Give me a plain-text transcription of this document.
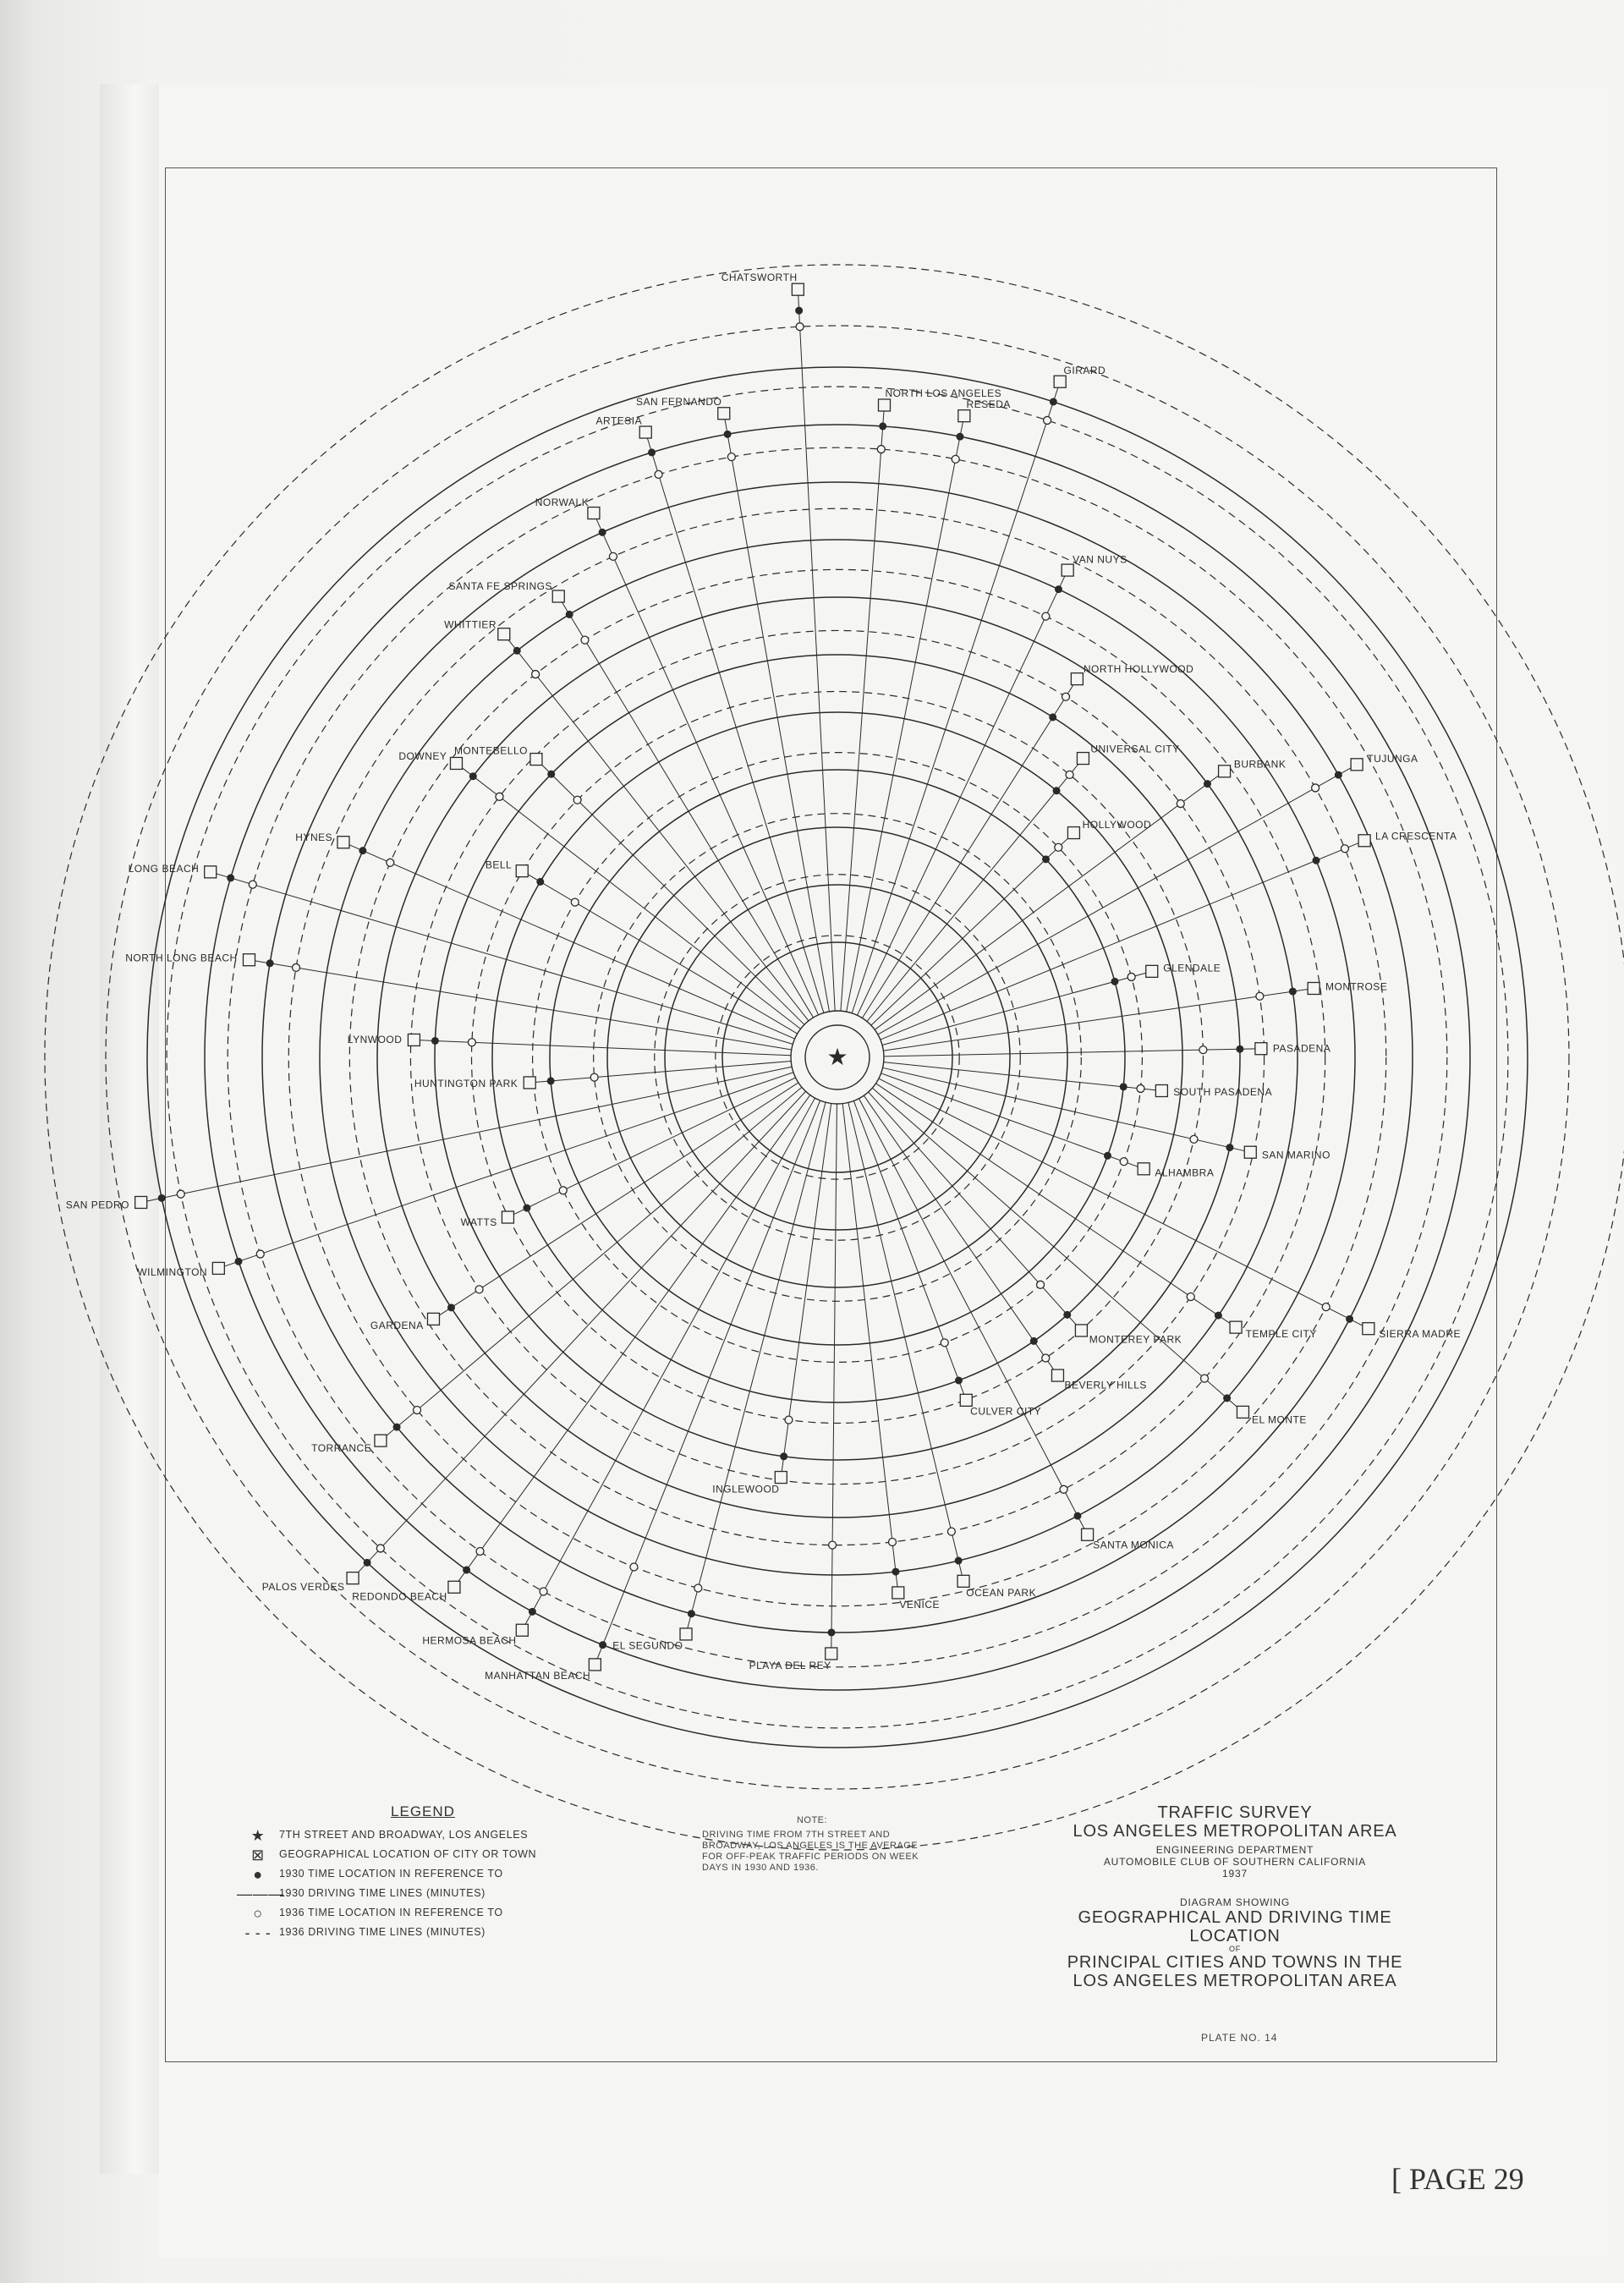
SAN FERNANDO
CHATSWORTH
NORTH LOS ANGELES
RESEDA
GIRARD
VAN NUYS
NORTH HOLLYWOOD
UNIVERSAL CITY
HOLLYWOOD
BURBANK	TUJUNGA
LA CRESCENTA
GLENDALE
MONTROSE
PASADENA
SOUTH PASADENA
SAN MARINO
ALHAMBRA
SIERRA MADRE
TEMPLE CITY
EL MONTE
MONTEREY PARK
BEVERLY HILLS
SANTA MONICA
CULVER CITY
OCEAN PARK
VENICE
PLAYA DEL REY
INGLEWOOD
EL SEGUNDO
MANHATTAN BEACH
HERMOSA BEACH
REDONDO BEACH
PALOS VERDES
TORRANCE
GARDENA
WATTS
WILMINGTON
SAN PEDRO
HUNTINGTON PARK
LYNWOOD
NORTH LONG BEACH
LONG BEACH
HYNES
BELL
DOWNEY MONTEBELLO
WHITTIER
SANTA FE SPRINGS
NORWALK
ARTESIA
★
LEGEND
★	7TH STREET AND BROADWAY, LOS ANGELES
⊠	GEOGRAPHICAL LOCATION OF CITY OR TOWN
●	1930 TIME LOCATION IN REFERENCE TO
———
1930 DRIVING TIME LINES (MINUTES)
○	1936 TIME LOCATION IN REFERENCE TO
- - - 1936 DRIVING TIME LINES (MINUTES)
NOTE:
DRIVING TIME FROM 7TH STREET AND BROADWAY, LOS ANGELES IS THE AVERAGE FOR OFF-PEAK TRAFFIC PERIODS ON WEEK DAYS IN 1930 AND 1936.
TRAFFIC SURVEY
LOS ANGELES METROPOLITAN AREA
ENGINEERING DEPARTMENT
AUTOMOBILE CLUB OF SOUTHERN CALIFORNIA
1937
DIAGRAM SHOWING
GEOGRAPHICAL AND DRIVING TIME LOCATION
OF
PRINCIPAL CITIES AND TOWNS IN THE
LOS ANGELES METROPOLITAN AREA
PLATE NO. 14
[ PAGE 29
